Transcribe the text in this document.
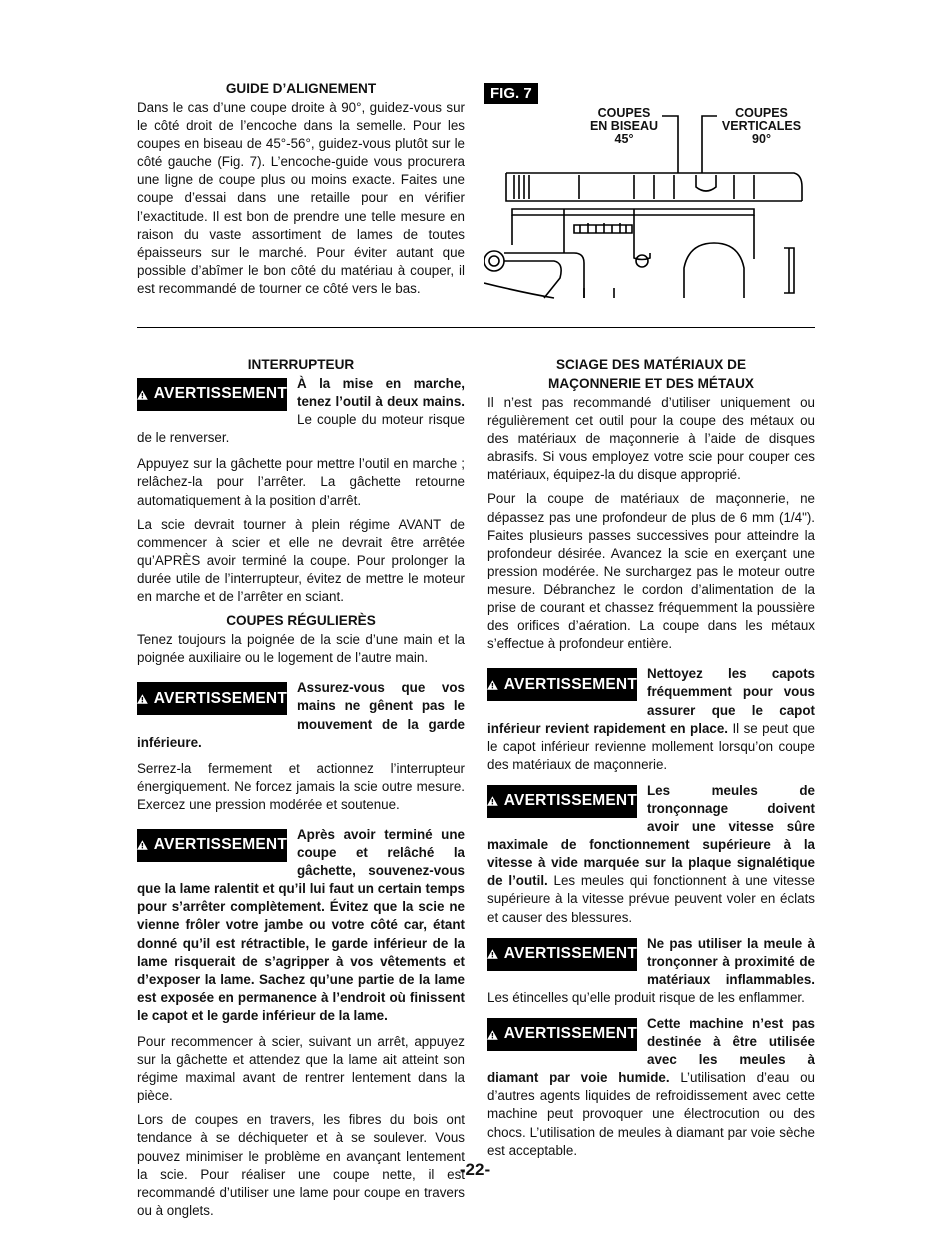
GUIDE D’ALIGNEMENT

Dans le cas d’une coupe droite à 90°, guidez-vous sur le côté droit de l’encoche dans la semelle. Pour les coupes en biseau de 45°-56°, guidez-vous plutôt sur le côté gauche (Fig. 7). L’encoche-guide vous procurera une ligne de coupe plus ou moins exacte. Faites une coupe d’essai dans une retaille pour en vérifier l’exactitude. Il est bon de prendre une telle mesure en raison du vaste assortiment de lames de toutes épaisseurs sur le marché. Pour éviter autant que possible d’abîmer le bon côté du matériau à couper, il est recommandé de tourner ce côté vers le bas.

FIG. 7
COUPES
EN BISEAU
45°
COUPES
VERTICALES
90°
INTERRUPTEUR
AVERTISSEMENT
À la mise en marche, tenez l’outil à deux mains. Le couple du moteur risque de le renverser.

Appuyez sur la gâchette pour mettre l’outil en marche ; relâchez-la pour l’arrêter. La gâchette retourne automatiquement à la position d’arrêt.

La scie devrait tourner à plein régime AVANT de commencer à scier et elle ne devrait être arrêtée qu’APRÈS avoir terminé la coupe. Pour prolonger la durée utile de l’interrupteur, évitez de mettre le moteur en marche et de l’arrêter en sciant.

COUPES RÉGULIERÈS

Tenez toujours la poignée de la scie d’une main et la poignée auxiliaire ou le logement de l’autre main.

AVERTISSEMENT
Assurez-vous que vos mains ne gênent pas le mouvement de la garde inférieure.

Serrez-la fermement et actionnez l’interrupteur énergiquement. Ne forcez jamais la scie outre mesure. Exercez une pression modérée et soutenue.

AVERTISSEMENT
Après avoir terminé une coupe et relâché la gâchette, souvenez-vous que la lame ralentit et qu’il lui faut un certain temps pour s’arrêter complètement. Évitez que la scie ne vienne frôler votre jambe ou votre côté car, étant donné qu’il est rétractible, le garde inférieur de la lame risquerait de s’agripper à vos vêtements et d’exposer la lame. Sachez qu’une partie de la lame est exposée en permanence à l’endroit où finissent le capot et le garde inférieur de la lame.

Pour recommencer à scier, suivant un arrêt, appuyez sur la gâchette et attendez que la lame ait atteint son régime maximal avant de rentrer lentement dans la pièce.

Lors de coupes en travers, les fibres du bois ont tendance à se déchiqueter et à se soulever. Vous pouvez minimiser le problème en avançant lentement la scie. Pour réaliser une coupe nette, il est recommandé d’utiliser une lame pour coupe en travers ou à onglets.

SCIAGE DES MATÉRIAUX DE
MAÇONNERIE ET DES MÉTAUX

Il n’est pas recommandé d’utiliser uniquement ou régulièrement cet outil pour la coupe des métaux ou des matériaux de maçonnerie à l’aide de disques abrasifs. Si vous employez votre scie pour couper ces matériaux, équipez-la du disque approprié.

Pour la coupe de matériaux de maçonnerie, ne dépassez pas une profondeur de plus de 6 mm (1/4"). Faites plusieurs passes successives pour atteindre la profondeur désirée. Avancez la scie en exerçant une pression modérée. Ne surchargez pas le moteur outre mesure. Débranchez le cordon d’alimentation de la prise de courant et chassez fréquemment la poussière des orifices d’aération. La coupe dans les métaux s’effectue à profondeur entière.

AVERTISSEMENT
Nettoyez les capots fréquemment pour vous assurer que le capot inférieur revient rapidement en place. Il se peut que le capot inférieur revienne mollement lorsqu’on coupe des matériaux de maçonnerie.
AVERTISSEMENT
Les meules de tronçonnage doivent avoir une vitesse sûre maximale de fonctionnement supérieure à la vitesse à vide marquée sur la plaque signalétique de l’outil. Les meules qui fonctionnent à une vitesse supérieure à la vitesse prévue peuvent voler en éclats et causer des blessures.
AVERTISSEMENT
Ne pas utiliser la meule à tronçonner à proximité de matériaux inflammables. Les étincelles qu’elle produit risque de les enflammer.
AVERTISSEMENT
Cette machine n’est pas destinée à être utilisée avec les meules à diamant par voie humide. L’utilisation d’eau ou d’autres agents liquides de refroidissement avec cette machine peut provoquer une électrocution ou des chocs. L’utilisation de meules à diamant par voie sèche est acceptable.
-22-
